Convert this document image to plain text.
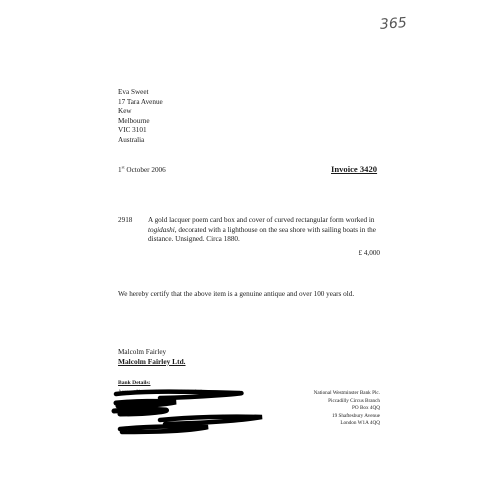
365
Eva Sweet
17 Tara Avenue
Kew
Melbourne
VIC 3101
Australia
1st October 2006	Invoice 3420
2918 A gold lacquer poem card box and cover of curved rectangular form worked in togidashi, decorated with a lighthouse on the sea shore with sailing boats in the distance. Unsigned. Circa 1880.
£ 4,000
We hereby certify that the above item is a genuine antique and over 100 years old.
Malcolm Fairley
Malcolm Fairley Ltd.
Bank Details:
Account Name Malcolm Fairley Ltd
Sort Code
National Westminster Bank Plc.
Piccadilly Circus Branch
PO Box 4QQ
19 Shaftesbury Avenue
London W1A 4QQ
